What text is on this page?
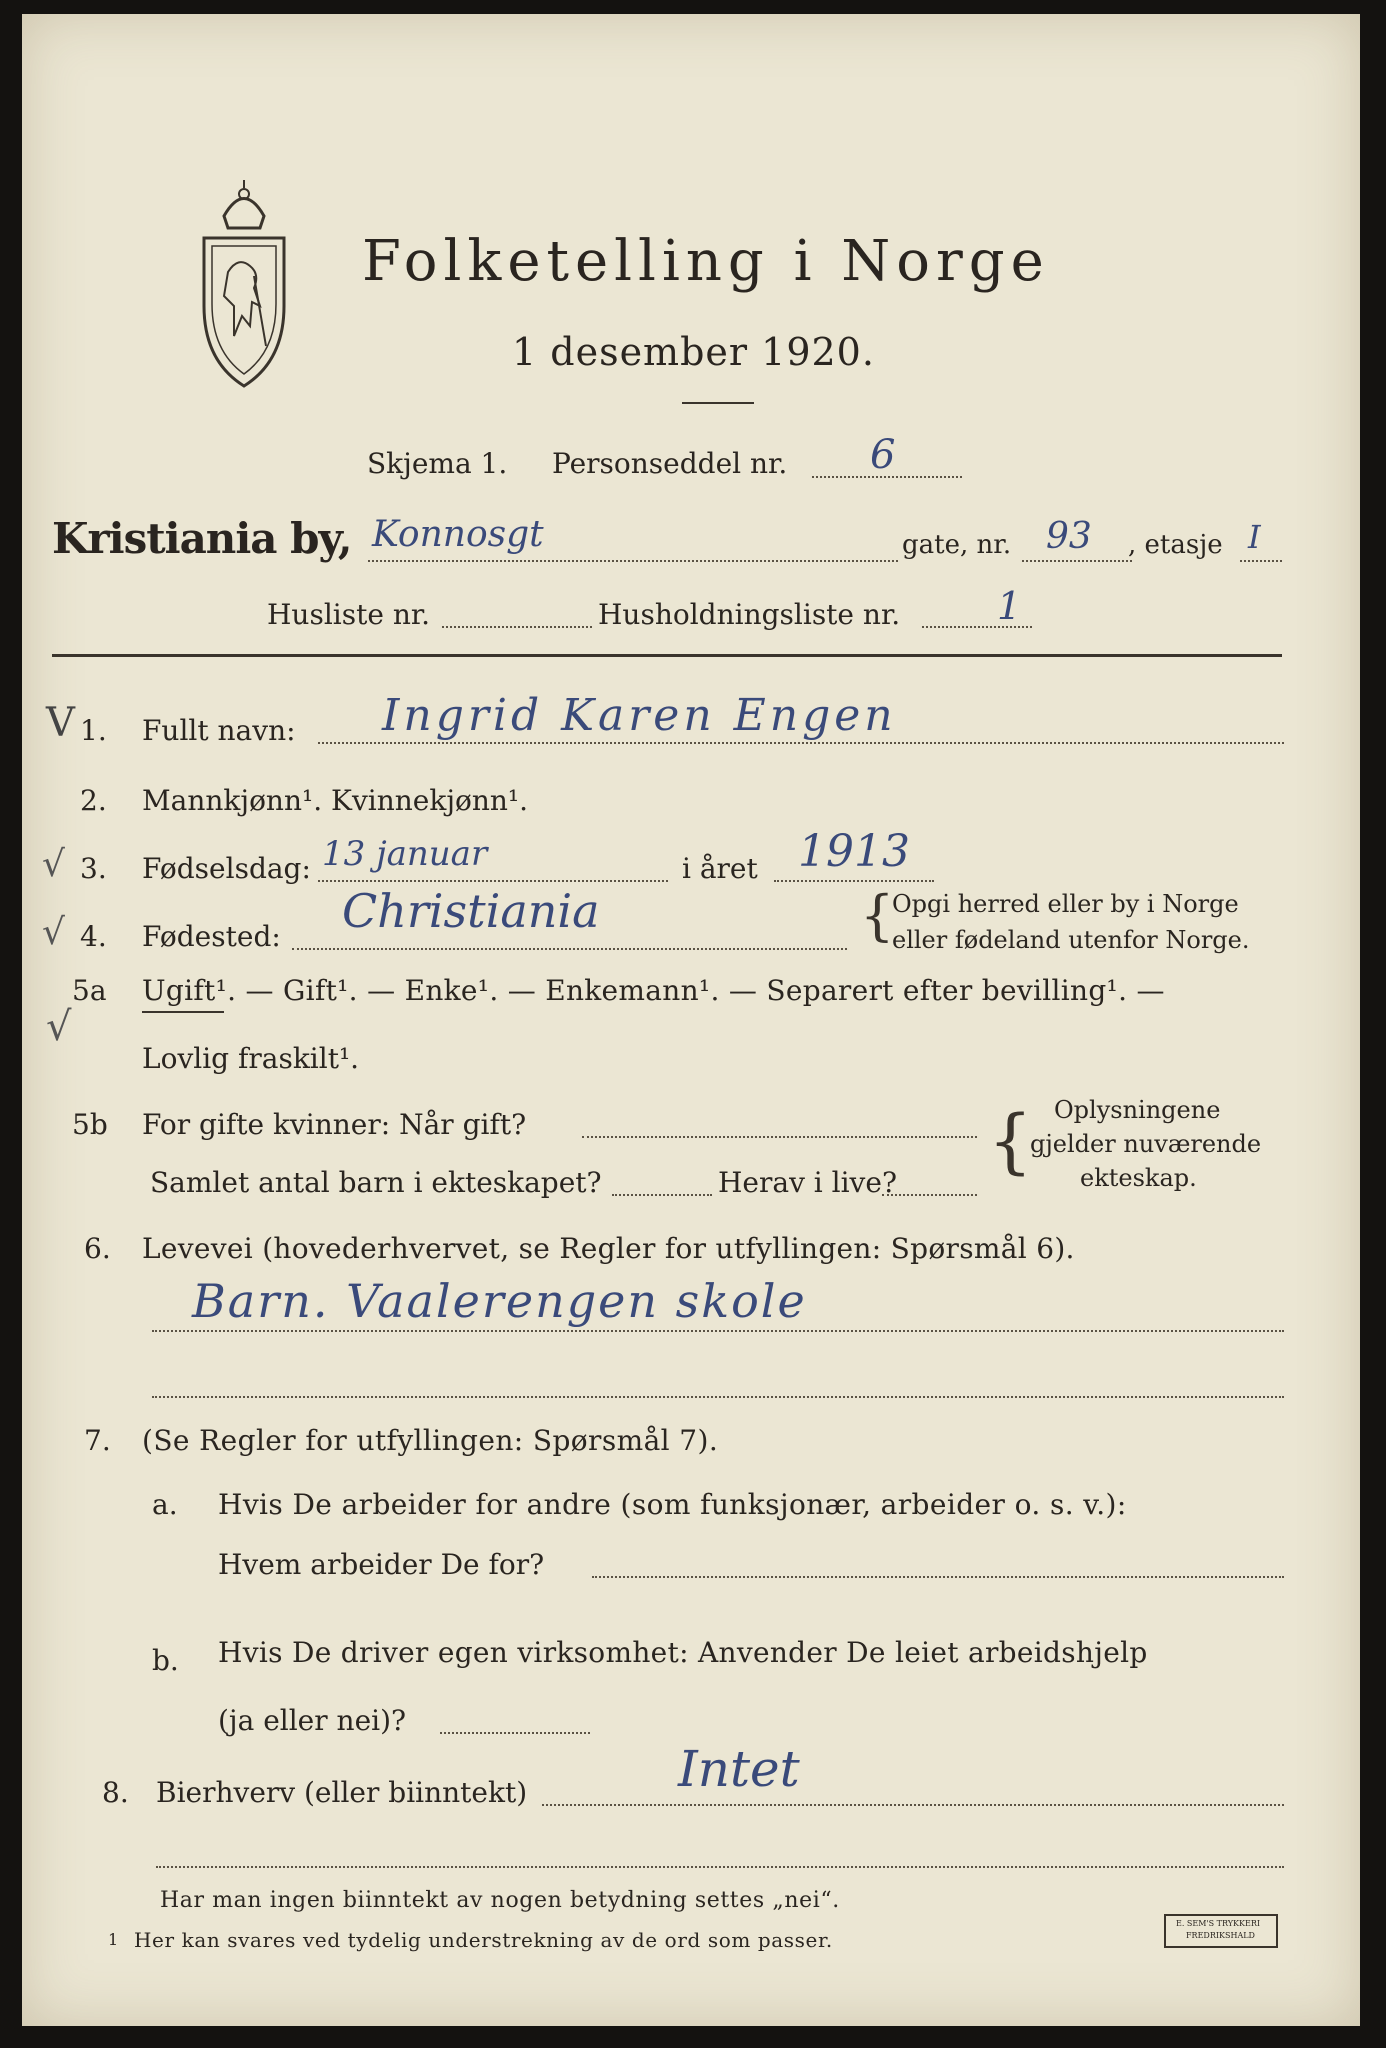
Folketelling i Norge
1 desember 1920.
Skjema 1. Personseddel nr. 6
Kristiania by, Konnosgt	gate, nr. 93 , etasje I
Husliste nr.	Husholdningsliste nr.	1
V 1. Fullt navn: Ingrid Karen Engen
2. Mannkjønn¹. Kvinnekjønn¹.
√ 3. Fødselsdag: 13 januar	i året 1913
√ 4. Fødested: Christiania	{
Opgi herred eller by i Norge
eller fødeland utenfor Norge.
√
5a Ugift¹. — Gift¹. — Enke¹. — Enkemann¹. — Separert efter bevilling¹. —
Lovlig fraskilt¹.
5b For gifte kvinner: Når gift?
Samlet antal barn i ekteskapet?	Herav i live?
{ Oplysningene
gjelder nuværende
ekteskap.
6. Levevei (hovederhvervet, se Regler for utfyllingen: Spørsmål 6).
Barn. Vaalerengen skole
7. (Se Regler for utfyllingen: Spørsmål 7).
a. Hvis De arbeider for andre (som funksjonær, arbeider o. s. v.):
Hvem arbeider De for?
b. Hvis De driver egen virksomhet: Anvender De leiet arbeidshjelp
(ja eller nei)?
8. Bierhverv (eller biinntekt)	Intet
Har man ingen biinntekt av nogen betydning settes „nei“.
1 Her kan svares ved tydelig understrekning av de ord som passer.
E. SEM'S TRYKKERI
FREDRIKSHALD
